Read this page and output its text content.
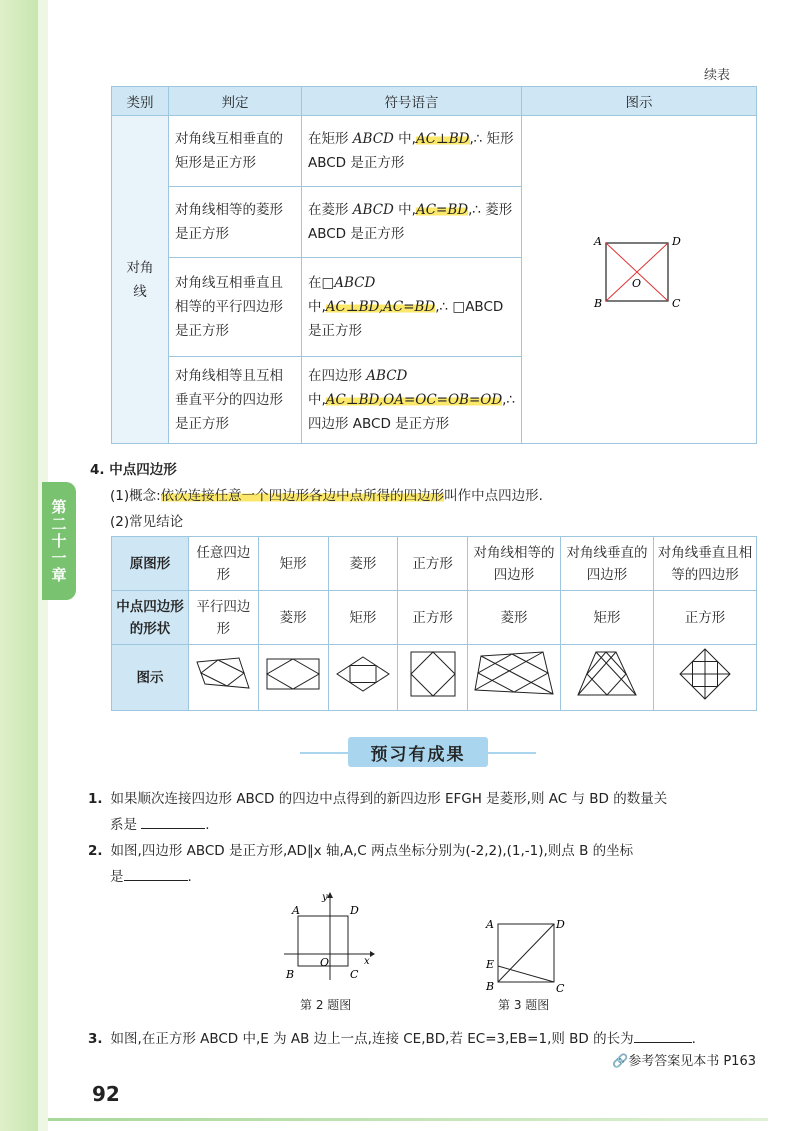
第二十一章
续表
类别	判定	符号语言	图示
对角线	对角线互相垂直的矩形是正方形	在矩形 ABCD 中,AC⊥BD,∴ 矩形 ABCD 是正方形	A D
B C
O

	对角线相等的菱形是正方形	在菱形 ABCD 中,AC=BD,∴ 菱形 ABCD 是正方形	
	对角线互相垂直且相等的平行四边形是正方形	在□ABCD 中,AC⊥BD,AC=BD,∴ □ABCD 是正方形	
	对角线相等且互相垂直平分的四边形是正方形	在四边形 ABCD 中,AC⊥BD,OA=OC=OB=OD,∴ 四边形 ABCD 是正方形	
4. 中点四边形
(1)概念:依次连接任意一个四边形各边中点所得的四边形叫作中点四边形.
(2)常见结论
原图形	任意四边形	矩形	菱形	正方形	对角线相等的四边形	对角线垂直的四边形	对角线垂直且相等的四边形
中点四边形的形状	平行四边形	菱形	矩形	正方形	菱形	矩形	正方形
图示							
预习有成果
1. 如果顺次连接四边形 ABCD 的四边中点得到的新四边形 EFGH 是菱形,则 AC 与 BD 的数量关
系是	.
2. 如图,四边形 ABCD 是正方形,AD∥x 轴,A,C 两点坐标分别为(-2,2),(1,-1),则点 B 的坐标
是	.
A	D
B	C
O	x
y
第 2 题图
A	D
E
B	C
第 3 题图
3. 如图,在正方形 ABCD 中,E 为 AB 边上一点,连接 CE,BD,若 EC=3,EB=1,则 BD 的长为	.
🔗参考答案见本书 P163
92
